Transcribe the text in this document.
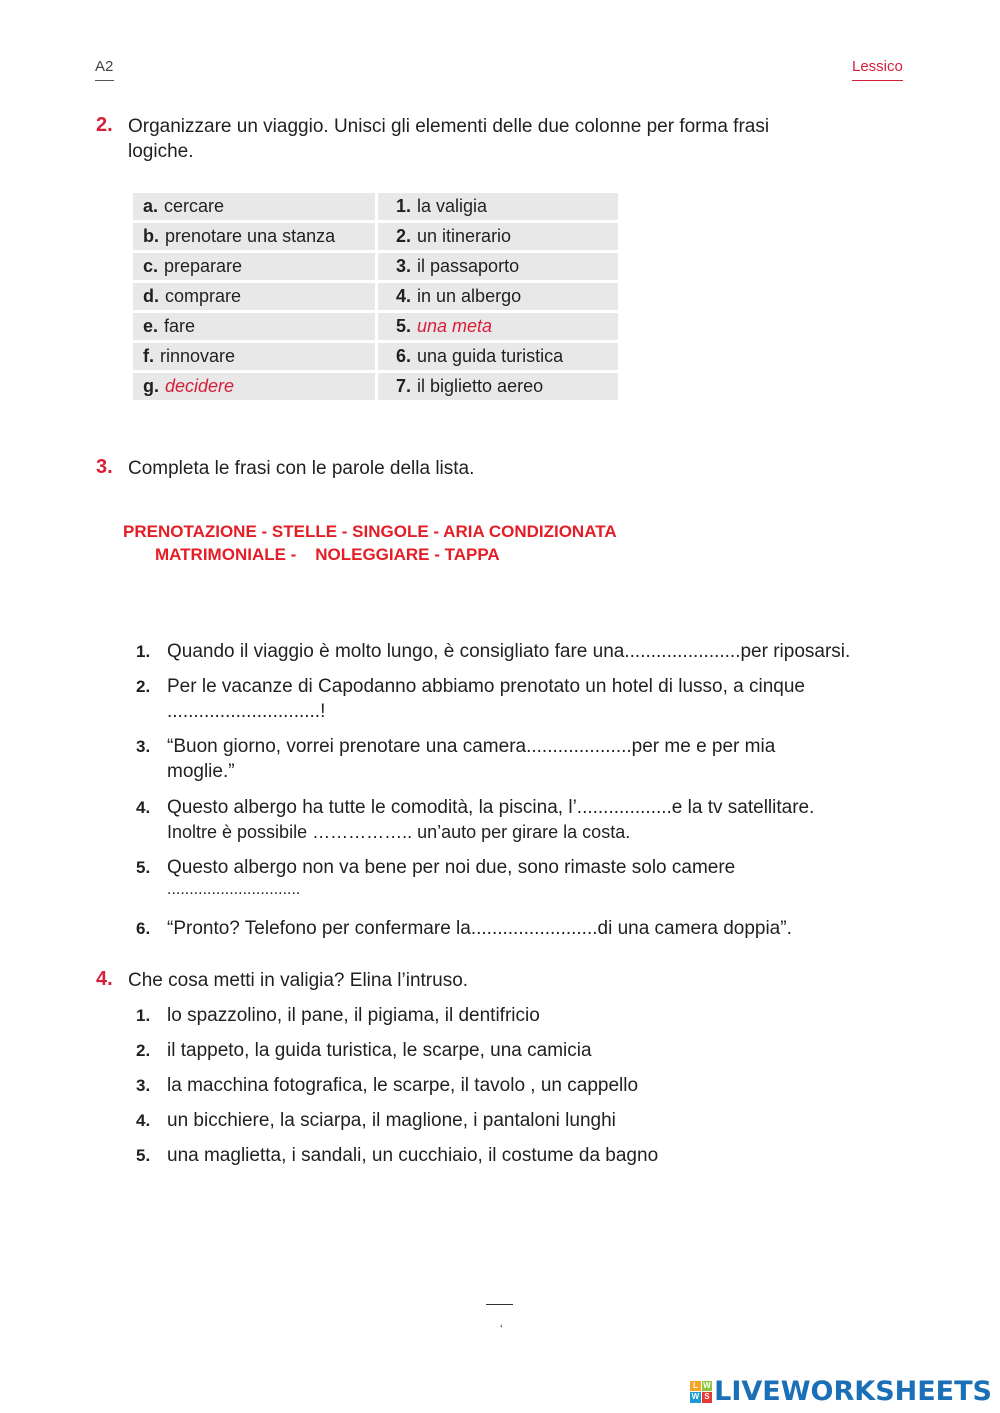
A2	Lessico
2. Organizzare un viaggio. Unisci gli elementi delle due colonne per forma frasi
logiche.
a. cercare	1. la valigia
b. prenotare una stanza	2. un itinerario
c. preparare	3. il passaporto
d. comprare	4. in un albergo
e. fare	5. una meta
f. rinnovare	6. una guida turistica
g. decidere	7. il biglietto aereo
3. Completa le frasi con le parole della lista.
PRENOTAZIONE - STELLE - SINGOLE - ARIA CONDIZIONATA
MATRIMONIALE -    NOLEGGIARE - TAPPA
1. Quando il viaggio è molto lungo, è consigliato fare una......................per riposarsi.
2. Per le vacanze di Capodanno abbiamo prenotato un hotel di lusso, a cinque
.............................!
3. “Buon giorno, vorrei prenotare una camera....................per me e per mia
moglie.”
4. Questo albergo ha tutte le comodità, la piscina, l’..................e la tv satellitare.
Inoltre è possibile …………….. un’auto per girare la costa.
5. Questo albergo non va bene per noi due, sono rimaste solo camere
..............................
6. “Pronto? Telefono per confermare la........................di una camera doppia”.
4. Che cosa metti in valigia? Elina l’intruso.
1. lo spazzolino, il pane, il pigiama, il dentifricio
2. il tappeto, la guida turistica, le scarpe, una camicia
3. la macchina fotografica, le scarpe, il tavolo , un cappello
4. un bicchiere, la sciarpa, il maglione, i pantaloni lunghi
5. una maglietta, i sandali, un cucchiaio, il costume da bagno
‘
L W
W S LIVEWORKSHEETS
